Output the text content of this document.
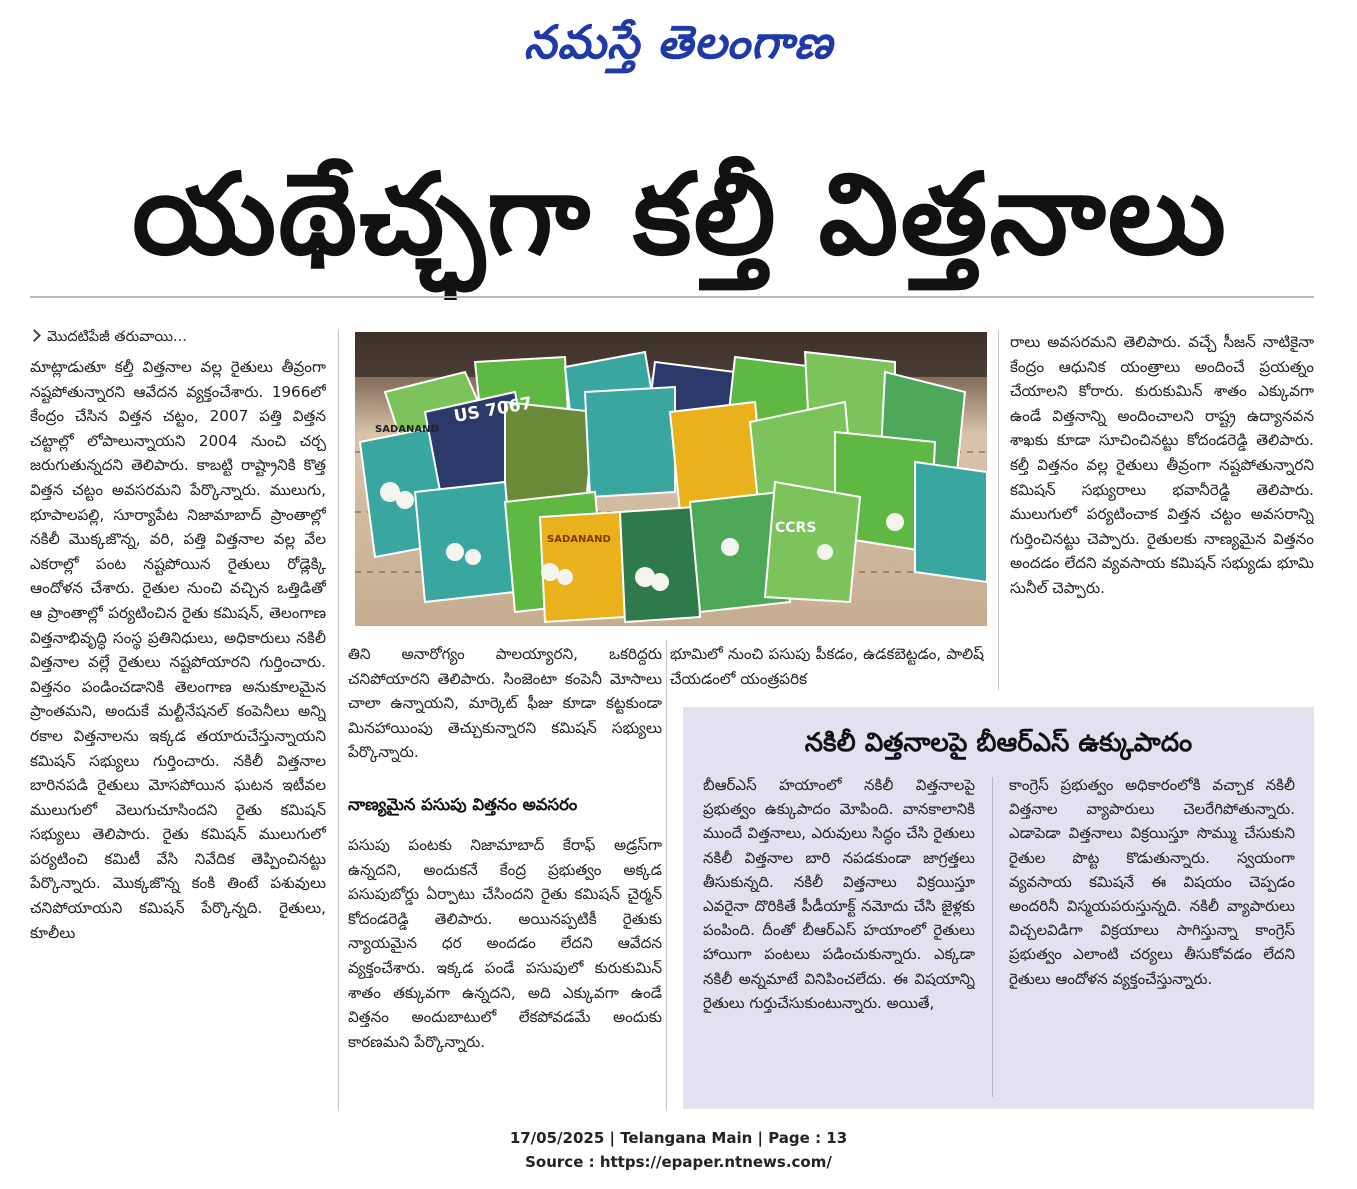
నమస్తే తెలంగాణ
యథేచ్ఛగా కల్తీ విత్తనాలు
మొదటిపేజీ తరువాయి...

మాట్లాడుతూ కల్తీ విత్తనాల వల్ల రైతులు తీవ్రంగా నష్టపోతున్నారని ఆవేదన వ్యక్తంచేశారు. 1966లో కేంద్రం చేసిన విత్తన చట్టం, 2007 పత్తి విత్తన చట్టాల్లో లోపాలున్నాయని 2004 నుంచి చర్చ జరుగుతున్నదని తెలిపారు. కాబట్టి రాష్ట్రానికి కొత్త విత్తన చట్టం అవసరమని పేర్కొన్నారు. ములుగు, భూపాలపల్లి, సూర్యాపేట నిజామాబాద్ ప్రాంతాల్లో నకిలీ మొక్కజొన్న, వరి, పత్తి విత్తనాల వల్ల వేల ఎకరాల్లో పంట నష్టపోయిన రైతులు రోడ్లెక్కి ఆందోళన చేశారు. రైతుల నుంచి వచ్చిన ఒత్తిడితో ఆ ప్రాంతాల్లో పర్యటించిన రైతు కమిషన్, తెలంగాణ విత్తనాభివృద్ధి సంస్థ ప్రతినిధులు, అధికారులు నకిలీ విత్తనాల వల్లే రైతులు నష్టపోయారని గుర్తించారు. విత్తనం పండించడానికి తెలంగాణ అనుకూలమైన ప్రాంతమని, అందుకే మల్టీనేషనల్ కంపెనీలు అన్ని రకాల విత్తనాలను ఇక్కడ తయారుచేస్తున్నాయని కమిషన్ సభ్యులు గుర్తించారు. నకిలీ విత్తనాల బారినపడి రైతులు మోసపోయిన ఘటన ఇటీవల ములుగులో వెలుగుచూసిందని రైతు కమిషన్ సభ్యులు తెలిపారు. రైతు కమిషన్ ములుగులో పర్యటించి కమిటీ వేసి నివేదిక తెప్పించినట్టు పేర్కొన్నారు. మొక్కజొన్న కంకి తింటే పశువులు చనిపోయాయని కమిషన్ పేర్కొన్నది. రైతులు, కూలీలు

US 7067
SADANAND
SADANAND
CCRS

తిని అనారోగ్యం పాలయ్యారని, ఒకరిద్దరు చనిపోయారని తెలిపారు. సింజెంటా కంపెనీ మోసాలు చాలా ఉన్నాయని, మార్కెట్ ఫీజు కూడా కట్టకుండా మినహాయింపు తెచ్చుకున్నారని కమిషన్ సభ్యులు పేర్కొన్నారు.

నాణ్యమైన పసుపు విత్తనం అవసరం

పసుపు పంటకు నిజామాబాద్ కేరాఫ్ అడ్రస్‌గా ఉన్నదని, అందుకనే కేంద్ర ప్రభుత్వం అక్కడ పసుపుబోర్డు ఏర్పాటు చేసిందని రైతు కమిషన్ చైర్మన్ కోదండరెడ్డి తెలిపారు. అయినప్పటికీ రైతుకు న్యాయమైన ధర అందడం లేదని ఆవేదన వ్యక్తంచేశారు. ఇక్కడ పండే పసుపులో కురుకుమిన్ శాతం తక్కువగా ఉన్నదని, అది ఎక్కువగా ఉండే విత్తనం అందుబాటులో లేకపోవడమే అందుకు కారణమని పేర్కొన్నారు.

భూమిలో నుంచి పసుపు పీకడం, ఉడకబెట్టడం, పాలిష్ చేయడంలో యంత్రపరిక

రాలు అవసరమని తెలిపారు. వచ్చే సీజన్ నాటికైనా కేంద్రం ఆధునిక యంత్రాలు అందించే ప్రయత్నం చేయాలని కోరారు. కురుకుమిన్ శాతం ఎక్కువగా ఉండే విత్తనాన్ని అందించాలని రాష్ట్ర ఉద్యానవన శాఖకు కూడా సూచించినట్టు కోదండరెడ్డి తెలిపారు. కల్తీ విత్తనం వల్ల రైతులు తీవ్రంగా నష్టపోతున్నారని కమిషన్ సభ్యురాలు భవానీరెడ్డి తెలిపారు. ములుగులో పర్యటించాక విత్తన చట్టం అవసరాన్ని గుర్తించినట్టు చెప్పారు. రైతులకు నాణ్యమైన విత్తనం అందడం లేదని వ్యవసాయ కమిషన్ సభ్యుడు భూమి సునీల్ చెప్పారు.

నకిలీ విత్తనాలపై బీఆర్‌ఎస్ ఉక్కుపాదం

బీఆర్‌ఎస్ హయాంలో నకిలీ విత్తనాలపై ప్రభుత్వం ఉక్కుపాదం మోపింది. వానకాలానికి ముందే విత్తనాలు, ఎరువులు సిద్ధం చేసి రైతులు నకిలీ విత్తనాల బారి నపడకుండా జాగ్రత్తలు తీసుకున్నది. నకిలీ విత్తనాలు విక్రయిస్తూ ఎవరైనా దొరికితే పీడీయాక్ట్ నమోదు చేసి జైళ్లకు పంపింది. దీంతో బీఆర్‌ఎస్ హయాంలో రైతులు హాయిగా పంటలు పడించుకున్నారు. ఎక్కడా నకిలీ అన్నమాటే వినిపించలేదు. ఈ విషయాన్ని రైతులు గుర్తుచేసుకుంటున్నారు. అయితే,

కాంగ్రెస్ ప్రభుత్వం అధికారంలోకి వచ్చాక నకిలీ విత్తనాల వ్యాపారులు చెలరేగిపోతున్నారు. ఎడాపెడా విత్తనాలు విక్రయిస్తూ సొమ్ము చేసుకుని రైతుల పొట్ట కొడుతున్నారు. స్వయంగా వ్యవసాయ కమిషనే ఈ విషయం చెప్పడం అందరినీ విస్మయపరుస్తున్నది. నకిలీ వ్యాపారులు విచ్చలవిడిగా విక్రయాలు సాగిస్తున్నా కాంగ్రెస్ ప్రభుత్వం ఎలాంటి చర్యలు తీసుకోవడం లేదని రైతులు ఆందోళన వ్యక్తంచేస్తున్నారు.

17/05/2025 | Telangana Main | Page : 13
Source : https://epaper.ntnews.com/
